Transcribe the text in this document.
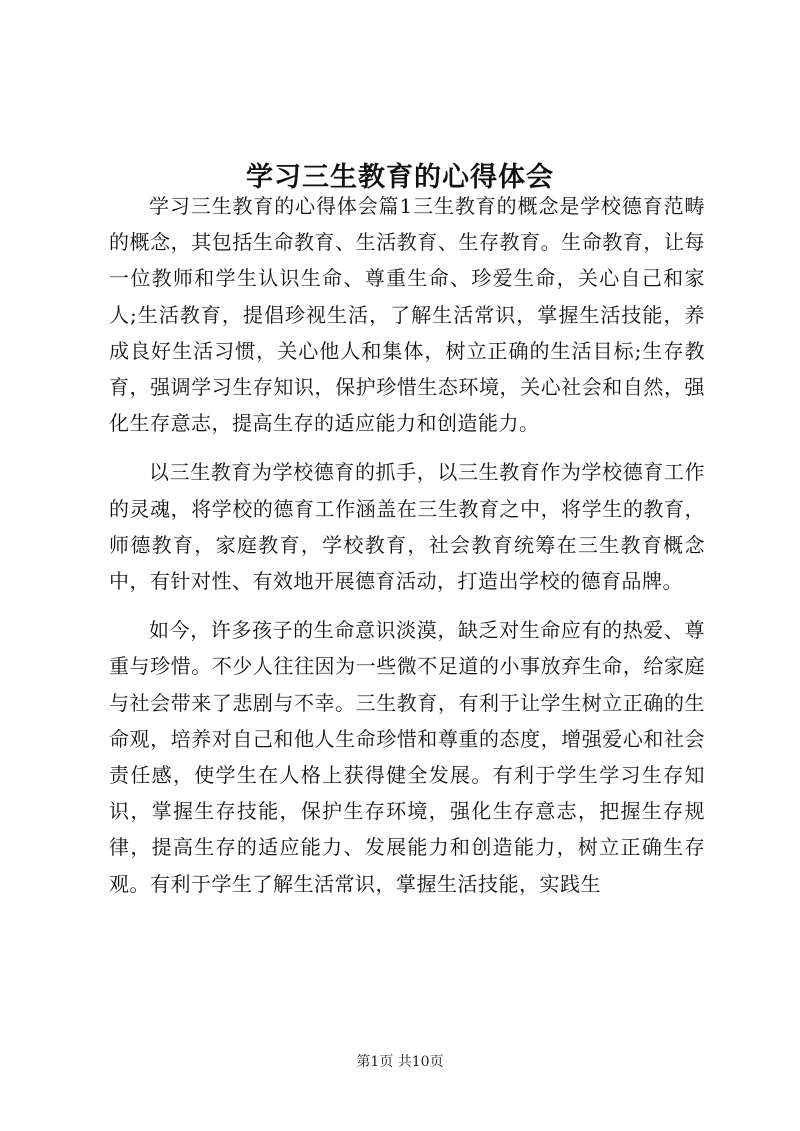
学习三生教育的心得体会

学习三生教育的心得体会篇1三生教育的概念是学校德育范畴的概念，其包括生命教育、生活教育、生存教育。生命教育，让每一位教师和学生认识生命、尊重生命、珍爱生命，关心自己和家人;生活教育，提倡珍视生活，了解生活常识，掌握生活技能，养成良好生活习惯，关心他人和集体，树立正确的生活目标;生存教育，强调学习生存知识，保护珍惜生态环境，关心社会和自然，强化生存意志，提高生存的适应能力和创造能力。

以三生教育为学校德育的抓手，以三生教育作为学校德育工作的灵魂，将学校的德育工作涵盖在三生教育之中，将学生的教育，师德教育，家庭教育，学校教育，社会教育统筹在三生教育概念中，有针对性、有效地开展德育活动，打造出学校的德育品牌。

如今，许多孩子的生命意识淡漠，缺乏对生命应有的热爱、尊重与珍惜。不少人往往因为一些微不足道的小事放弃生命，给家庭与社会带来了悲剧与不幸。三生教育，有利于让学生树立正确的生命观，培养对自己和他人生命珍惜和尊重的态度，增强爱心和社会责任感，使学生在人格上获得健全发展。有利于学生学习生存知识，掌握生存技能，保护生存环境，强化生存意志，把握生存规律，提高生存的适应能力、发展能力和创造能力，树立正确生存观。有利于学生了解生活常识，掌握生活技能，实践生

第1页 共10页
